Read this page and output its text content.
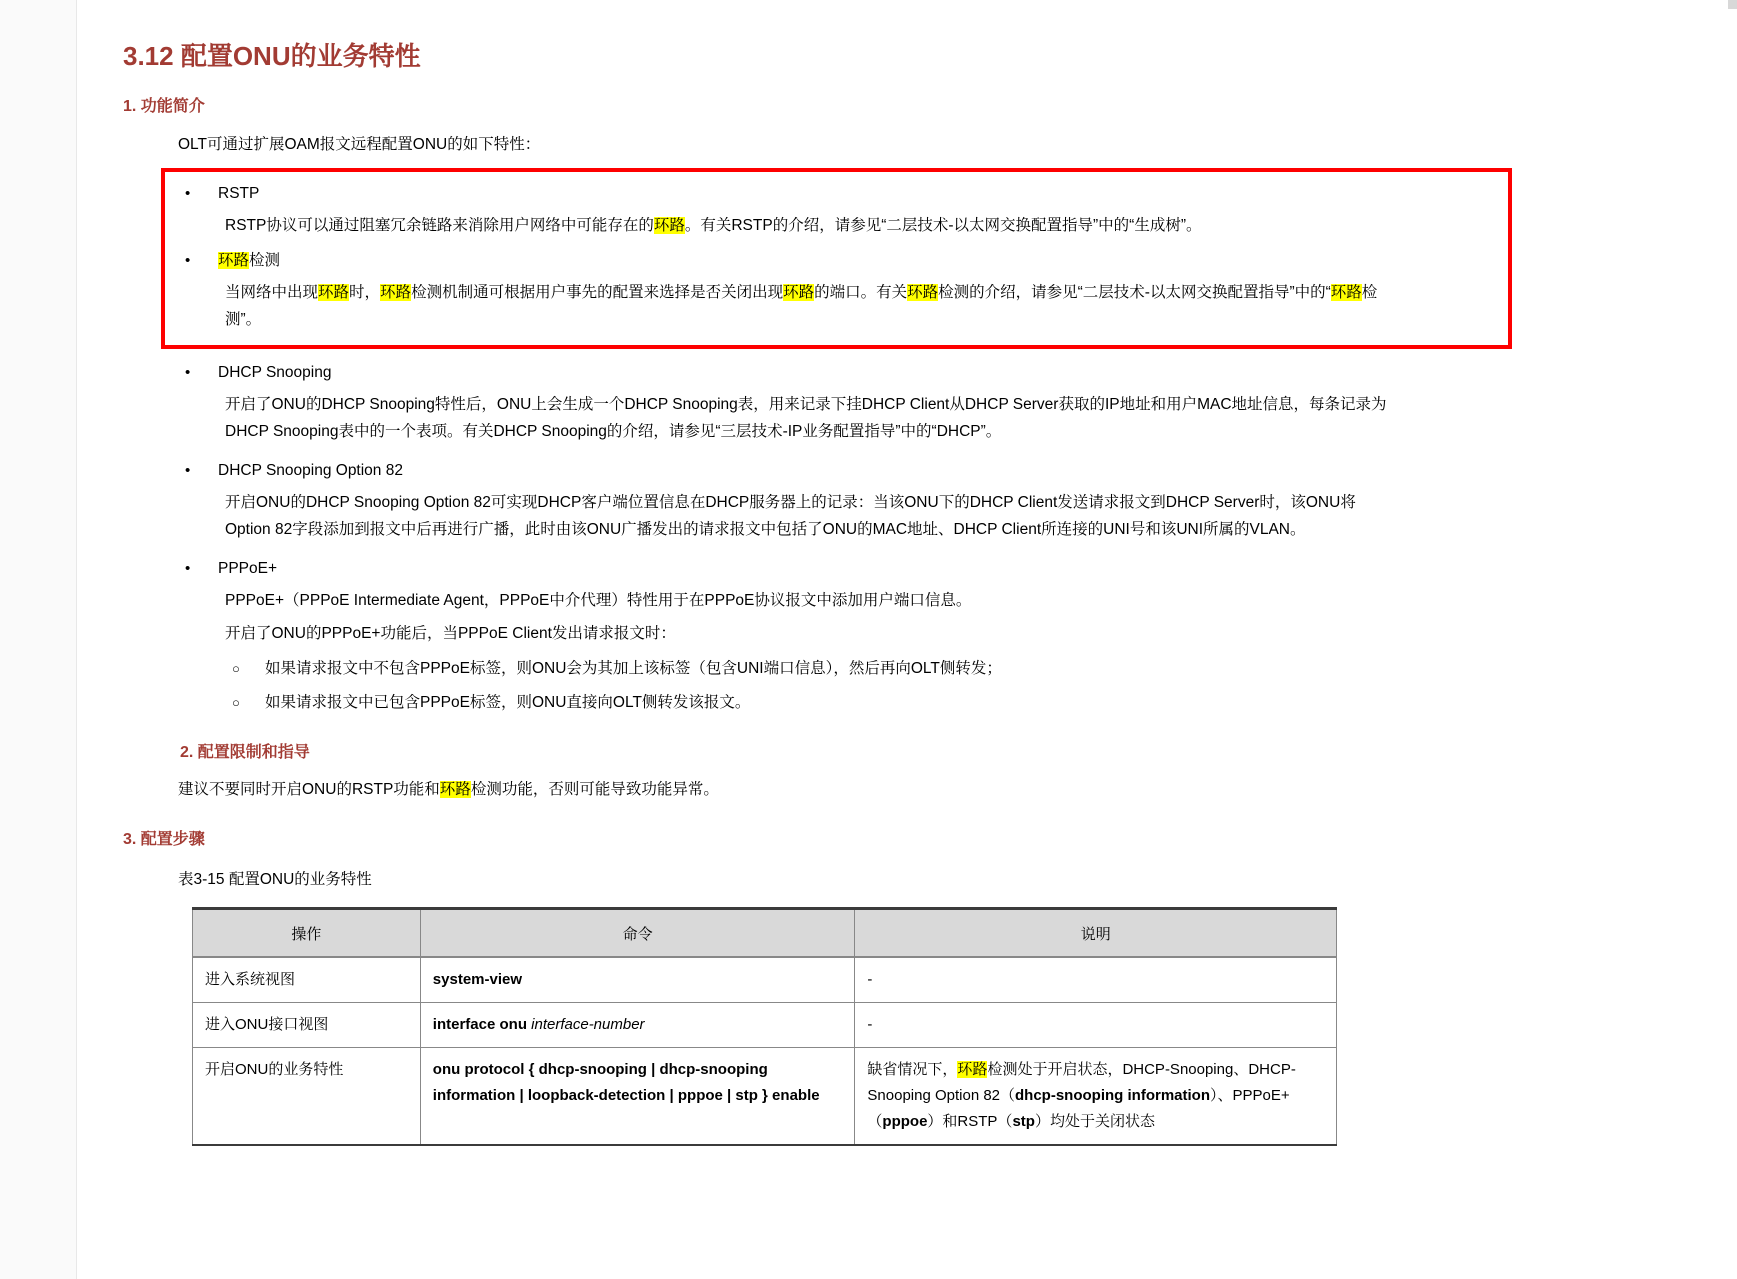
3.12 配置ONU的业务特性
1. 功能简介

OLT可通过扩展OAM报文远程配置ONU的如下特性：

•	RSTP

RSTP协议可以通过阻塞冗余链路来消除用户网络中可能存在的环路。有关RSTP的介绍，请参见“二层技术-以太网交换配置指导”中的“生成树”。

•	环路检测

当网络中出现环路时，环路检测机制通可根据用户事先的配置来选择是否关闭出现环路的端口。有关环路检测的介绍，请参见“二层技术-以太网交换配置指导”中的“环路检测”。

•	DHCP Snooping

开启了ONU的DHCP Snooping特性后，ONU上会生成一个DHCP Snooping表，用来记录下挂DHCP Client从DHCP Server获取的IP地址和用户MAC地址信息，每条记录为DHCP Snooping表中的一个表项。有关DHCP Snooping的介绍，请参见“三层技术-IP业务配置指导”中的“DHCP”。

•	DHCP Snooping Option 82

开启ONU的DHCP Snooping Option 82可实现DHCP客户端位置信息在DHCP服务器上的记录：当该ONU下的DHCP Client发送请求报文到DHCP Server时，该ONU将Option 82字段添加到报文中后再进行广播，此时由该ONU广播发出的请求报文中包括了ONU的MAC地址、DHCP Client所连接的UNI号和该UNI所属的VLAN。

•	PPPoE+

PPPoE+（PPPoE Intermediate Agent，PPPoE中介代理）特性用于在PPPoE协议报文中添加用户端口信息。

开启了ONU的PPPoE+功能后，当PPPoE Client发出请求报文时：

○	如果请求报文中不包含PPPoE标签，则ONU会为其加上该标签（包含UNI端口信息），然后再向OLT侧转发；
○	如果请求报文中已包含PPPoE标签，则ONU直接向OLT侧转发该报文。
2. 配置限制和指导

建议不要同时开启ONU的RSTP功能和环路检测功能，否则可能导致功能异常。

3. 配置步骤

表3-15 配置ONU的业务特性

操作	命令	说明
进入系统视图	system-view	-
进入ONU接口视图	interface onu interface-number	-
开启ONU的业务特性	onu protocol { dhcp-snooping | dhcp-snooping information | loopback-detection | pppoe | stp } enable	缺省情况下，环路检测处于开启状态，DHCP-Snooping、DHCP-Snooping Option 82（dhcp-snooping information）、PPPoE+（pppoe）和RSTP（stp）均处于关闭状态
